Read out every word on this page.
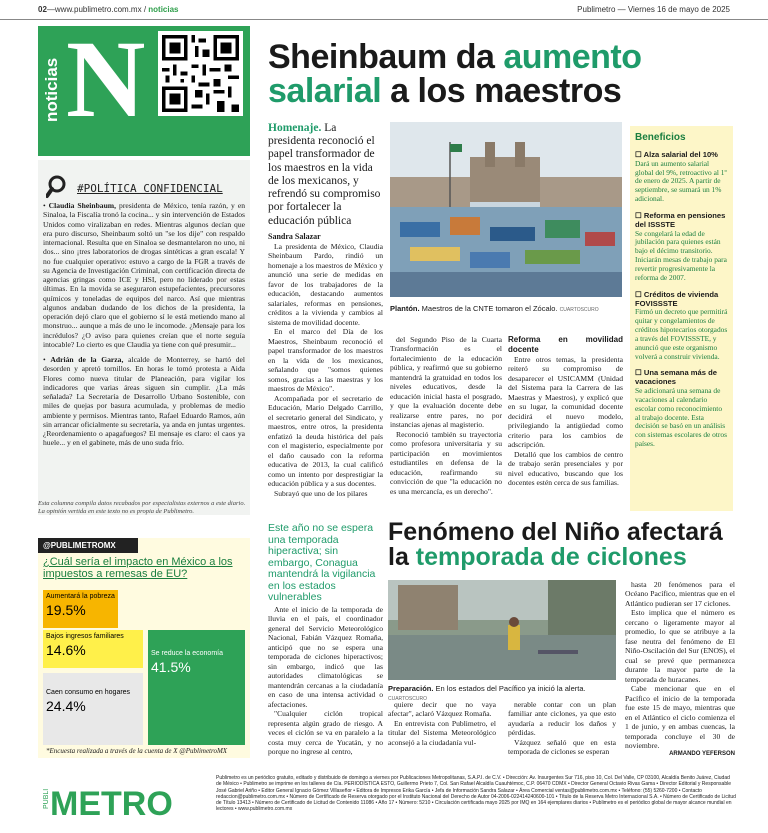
02—www.publimetro.com.mx / noticias	Publimetro — Viernes 16 de mayo de 2025
noticias N
#POLÍTICA CONFIDENCIAL

• Claudia Sheinbaum, presidenta de México, tenía razón, y en Sinaloa, la Fiscalía tronó la cocina... y sin intervención de Estados Unidos como viralizaban en redes. Mientras algunos decían que era puro discurso, Sheinbaum soltó un "se los dije" con respaldo internacional. Resulta que en Sinaloa se desmantelaron no uno, ni dos... sino ¡tres laboratorios de drogas sintéticas a gran escala! Y no fue cualquier operativo: estuvo a cargo de la FGR a través de su Agencia de Investigación Criminal, con certificación directa de agencias gringas como ICE y HSI, pero no liderado por estas últimas. En la movida se aseguraron estupefacientes, precursores químicos y toneladas de equipos del narco. Así que mientras algunos andaban dudando de los dichos de la presidenta, la operación dejó claro que el gobierno sí le está metiendo mano al monstruo... aunque a más de uno le incomode. ¿Mensaje para los incrédulos? ¿O aviso para quienes creían que el norte seguía intocable? Lo cierto es que Claudia ya tiene con qué presumir...

• Adrián de la Garza, alcalde de Monterrey, se hartó del desorden y apretó tornillos. En horas le tomó protesta a Aida Flores como nueva titular de Planeación, para vigilar los indicadores que varias áreas siguen sin cumplir. ¿La más señalada? La Secretaría de Desarrollo Urbano Sostenible, con miles de quejas por basura acumulada, y problemas de medio ambiente y permisos. Mientras tanto, Rafael Eduardo Ramos, aún sin arrancar oficialmente su secretaría, ya anda en juntas urgentes. ¿Reordenamiento o apagafuegos? El mensaje es claro: el caos ya huele... y en el gabinete, más de uno suda frío.

Esta columna compila datos recabados por especialistas externos a este diario. La opinión vertida en este texto no es propia de Publimetro.
@PUBLIMETROMX
¿Cuál sería el impacto en México a los impuestos a remesas de EU?
Aumentará la pobreza
19.5%
Bajos ingresos familiares
14.6%	Se reduce la economía
41.5%
Caen consumo en hogares
24.4%
*Encuesta realizada a través de la cuenta de X @PublimetroMX
Sheinbaum da aumento salarial a los maestros
Homenaje. La presidenta reconoció el papel transformador de los maestros en la vida de los mexicanos, y refrendó su compromiso por fortalecer la educación pública
Sandra Salazar

La presidenta de México, Claudia Sheinbaum Pardo, rindió un homenaje a los maestros de México y anunció una serie de medidas en favor de los trabajadores de la educación, destacando aumentos salariales, reformas en pensiones, créditos a la vivienda y cambios al sistema de movilidad docente.

En el marco del Día de los Maestros, Sheinbaum reconoció el papel transformador de los maestros en la vida de los mexicanos, señalando que "somos quienes somos, gracias a las maestras y los maestros de México".

Acompañada por el secretario de Educación, Mario Delgado Carrillo, el secretario general del Sindicato, y maestros, entre otros, la presidenta enfatizó la deuda histórica del país con el magisterio, especialmente por el daño causado con la reforma educativa de 2013, la cual calificó como un intento por desprestigiar la educación pública y a sus docentes.

Subrayó que uno de los pilares

Plantón. Maestros de la CNTE tomaron el Zócalo. CUARTOSCURO

del Segundo Piso de la Cuarta Transformación es el fortalecimiento de la educación pública, y reafirmó que su gobierno mantendrá la gratuidad en todos los niveles educativos, desde la educación inicial hasta el posgrado, y que la evaluación docente debe realizarse entre pares, no por instancias ajenas al magisterio.

Reconoció también su trayectoria como profesora universitaria y su participación en movimientos estudiantiles en defensa de la educación, reafirmando su convicción de que "la educación no es una mercancía, es un derecho".

Reforma en movilidad docente

Entre otros temas, la presidenta reiteró su compromiso de desaparecer el USICAMM (Unidad del Sistema para la Carrera de las Maestras y Maestros), y explicó que en su lugar, la comunidad docente decidirá el nuevo modelo, privilegiando la antigüedad como criterio para los cambios de adscripción.

Detalló que los cambios de centro de trabajo serán presenciales y por nivel educativo, buscando que los docentes estén cerca de sus familias.

Beneficios
☐ Alza salarial del 10%

Dará un aumento salarial global del 9%, retroactivo al 1º de enero de 2025. A partir de septiembre, se sumará un 1% adicional.

☐ Reforma en pensiones del ISSSTE

Se congelará la edad de jubilación para quienes están bajo el décimo transitorio. Iniciarán mesas de trabajo para revertir progresivamente la reforma de 2007.

☐ Créditos de vivienda FOVISSSTE

Firmó un decreto que permitirá quitar y congelamientos de créditos hipotecarios otorgados a través del FOVISSSTE, y anunció que este organismo volverá a construir vivienda.

☐ Una semana más de vacaciones

Se adicionará una semana de vacaciones al calendario escolar como reconocimiento al trabajo docente. Esta decisión se basó en un análisis con sistemas escolares de otros países.

Este año no se espera una temporada hiperactiva; sin embargo, Conagua mantendrá la vigilancia en los estados vulnerables
Fenómeno del Niño afectará la temporada de ciclones

Ante el inicio de la temporada de lluvia en el país, el coordinador general del Servicio Meteorológico Nacional, Fabián Vázquez Romaña, anticipó que no se espera una temporada de ciclones hiperactivos; sin embargo, indicó que las autoridades climatológicas se mantendrán cercanas a la ciudadanía en caso de una intensa actividad o afectaciones.

"Cualquier ciclón tropical representa algún grado de riesgo. A veces el ciclón se va en paralelo a la costa muy cerca de Yucatán, y no porque no ingrese al centro,

Preparación. En los estados del Pacífico ya inició la alerta. CUARTOSCURO

quiere decir que no vaya afectar", aclaró Vázquez Romaña.

En entrevista con Publimetro, el titular del Sistema Meteorológico aconsejó a la ciudadanía vul-

nerable contar con un plan familiar ante ciclones, ya que esto ayudaría a reducir los daños y pérdidas.

Vázquez señaló que en esta temporada de ciclones se esperan

hasta 20 fenómenos para el Océano Pacífico, mientras que en el Atlántico pudieran ser 17 ciclones.

Esto implica que el número es cercano o ligeramente mayor al promedio, lo que se atribuye a la fase neutra del fenómeno de El Niño-Oscilación del Sur (ENOS), el cual se prevé que permanezca durante la mayor parte de la temporada de huracanes.

Cabe mencionar que en el Pacífico el inicio de la temporada fue este 15 de mayo, mientras que en el Atlántico el ciclo comienza el 1 de junio, y en ambas cuencas, la temporada concluye el 30 de noviembre.

ARMANDO YEFERSON

PUBLI METRO
Publimetro es un periódico gratuito, editado y distribuido de domingo a viernes por Publicaciones Metropolitanas, S.A.P.I. de C.V. • Dirección: Av. Insurgentes Sur 716, piso 10, Col. Del Valle, CP 03100, Alcaldía Benito Juárez, Ciudad de México • Publimetro se imprime en los talleres de Cía. PERIODÍSTICA ESTO, Guillermo Prieto 7, Col. San Rafael Alcaldía Cuauhtémoc, C.P. 06470 CDMX • Director General Octavio Rivas Gama • Director Editorial y Responsable José Gabriel Ariño • Editor General Ignacio Gómez Villaseñor • Editora de Impresos Erika García • Jefa de Información Sandra Salazar • Área Comercial ventas@publimetro.com.mx • Teléfono: (55) 5260-7200 • Contacto redaccion@publimetro.com.mx • Número de Certificado de Reserva otorgado por el Instituto Nacional del Derecho de Autor 04-2006-022414240600-101 • Título de la Reserva Metro Internacional S.A. • Número de Certificado de Licitud de Título 13413 • Número de Certificado de Licitud de Contenido 11086 • Año 17 • Número: 5210 • Circulación certificada mayo 2025 por IMQ en 164 ejemplares diarios • Publimetro es el periódico global de mayor alcance mundial en lectores • www.publimetro.com.mx
